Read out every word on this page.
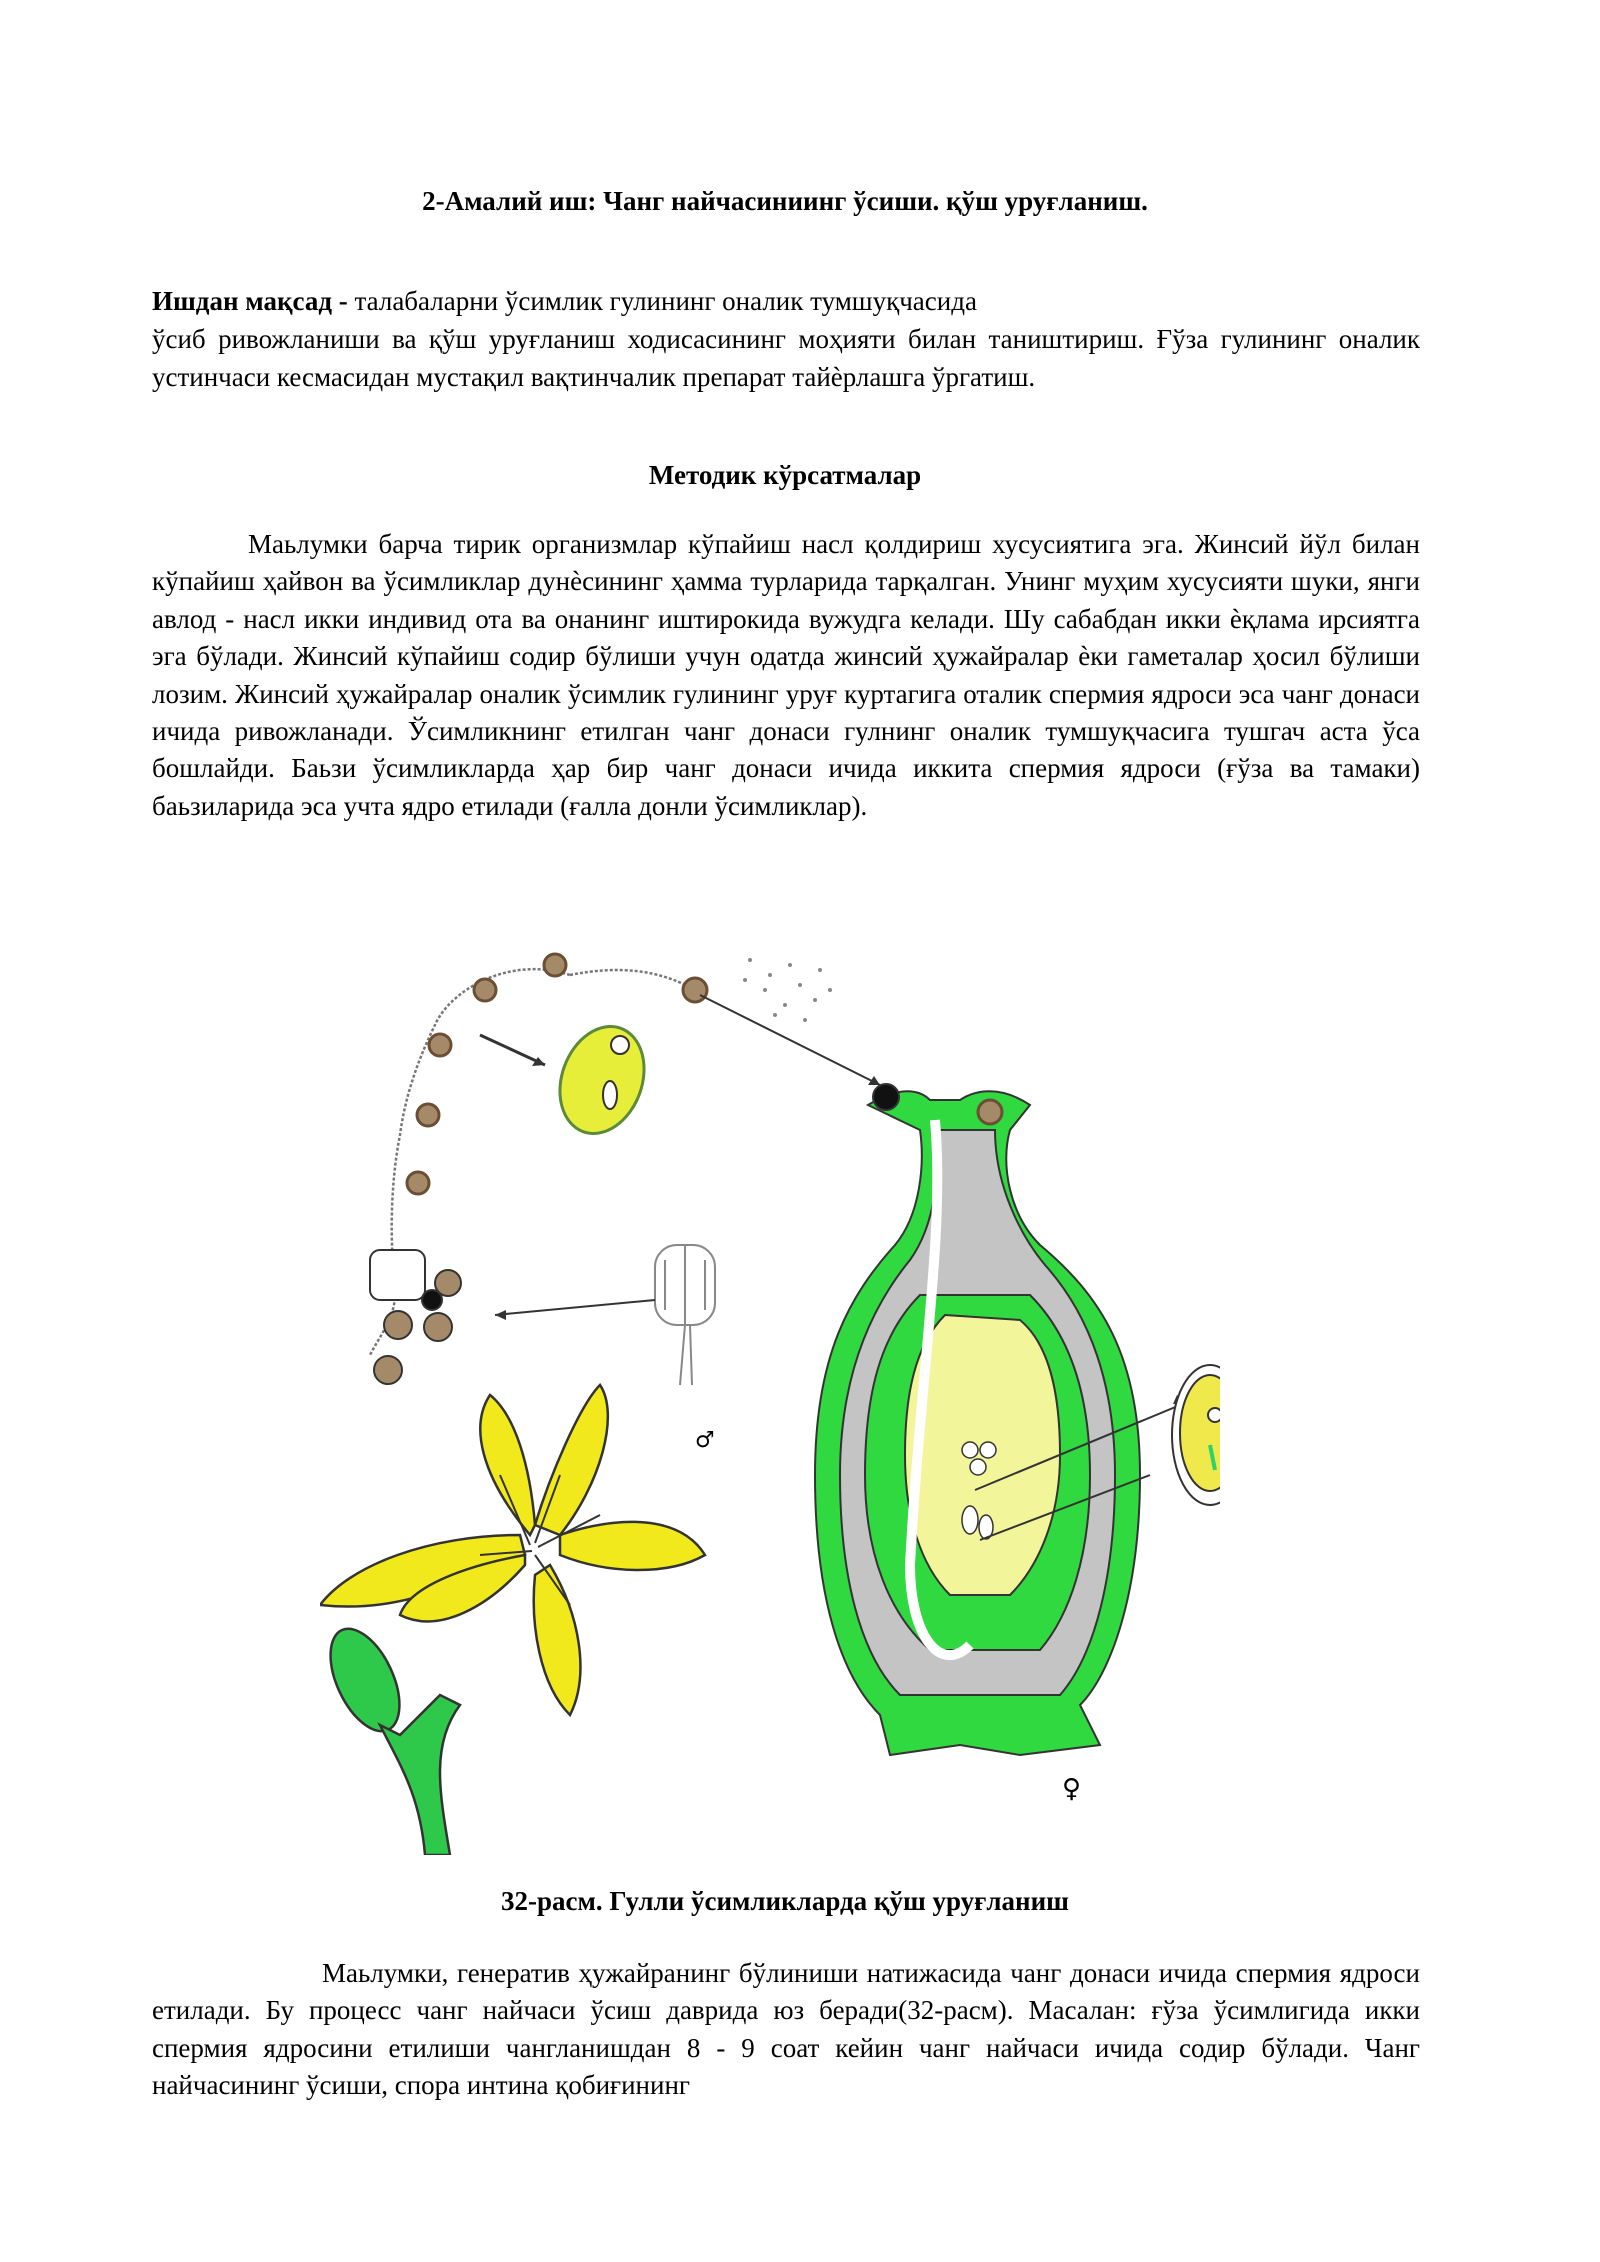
2-Амалий иш: Чанг найчасиниинг ўсиши. қўш уруғланиш.
Ишдан мақсад - талабаларни ўсимлик гулининг оналик тумшуқчасида
ўсиб ривожланиши ва қўш уруғланиш ходисасининг моҳияти билан таништириш. Ғўза гулининг оналик устинчаси кесмасидан мустақил вақтинчалик препарат тайѐрлашга ўргатиш.
Методик кўрсатмалар
Маьлумки барча тирик организмлар кўпайиш насл қолдириш хусусиятига эга. Жинсий йўл билан кўпайиш ҳайвон ва ўсимликлар дунѐсининг ҳамма турларида тарқалган. Унинг муҳим хусусияти шуки, янги авлод - насл икки индивид ота ва онанинг иштирокида вужудга келади. Шу сабабдан икки ѐқлама ирсиятга эга бўлади. Жинсий кўпайиш содир бўлиши учун одатда жинсий ҳужайралар ѐки гаметалар ҳосил бўлиши лозим. Жинсий ҳужайралар оналик ўсимлик гулининг уруғ куртагига оталик спермия ядроси эса чанг донаси ичида ривожланади. Ўсимликнинг етилган чанг донаси гулнинг оналик тумшуқчасига тушгач аста ўса бошлайди. Баьзи ўсимликларда ҳар бир чанг донаси ичида иккита спермия ядроси (ғўза ва тамаки) баьзиларида эса учта ядро етилади (ғалла донли ўсимликлар).
♂
♀
32-расм. Гулли ўсимликларда қўш уруғланиш
Маьлумки, генератив ҳужайранинг бўлиниши натижасида чанг донаси ичида спермия ядроси етилади. Бу процесс чанг найчаси ўсиш даврида юз беради(32-расм). Масалан: ғўза ўсимлигида икки спермия ядросини етилиши чангланишдан 8 - 9 соат кейин чанг найчаси ичида содир бўлади. Чанг найчасининг ўсиши, спора интина қобиғининг
